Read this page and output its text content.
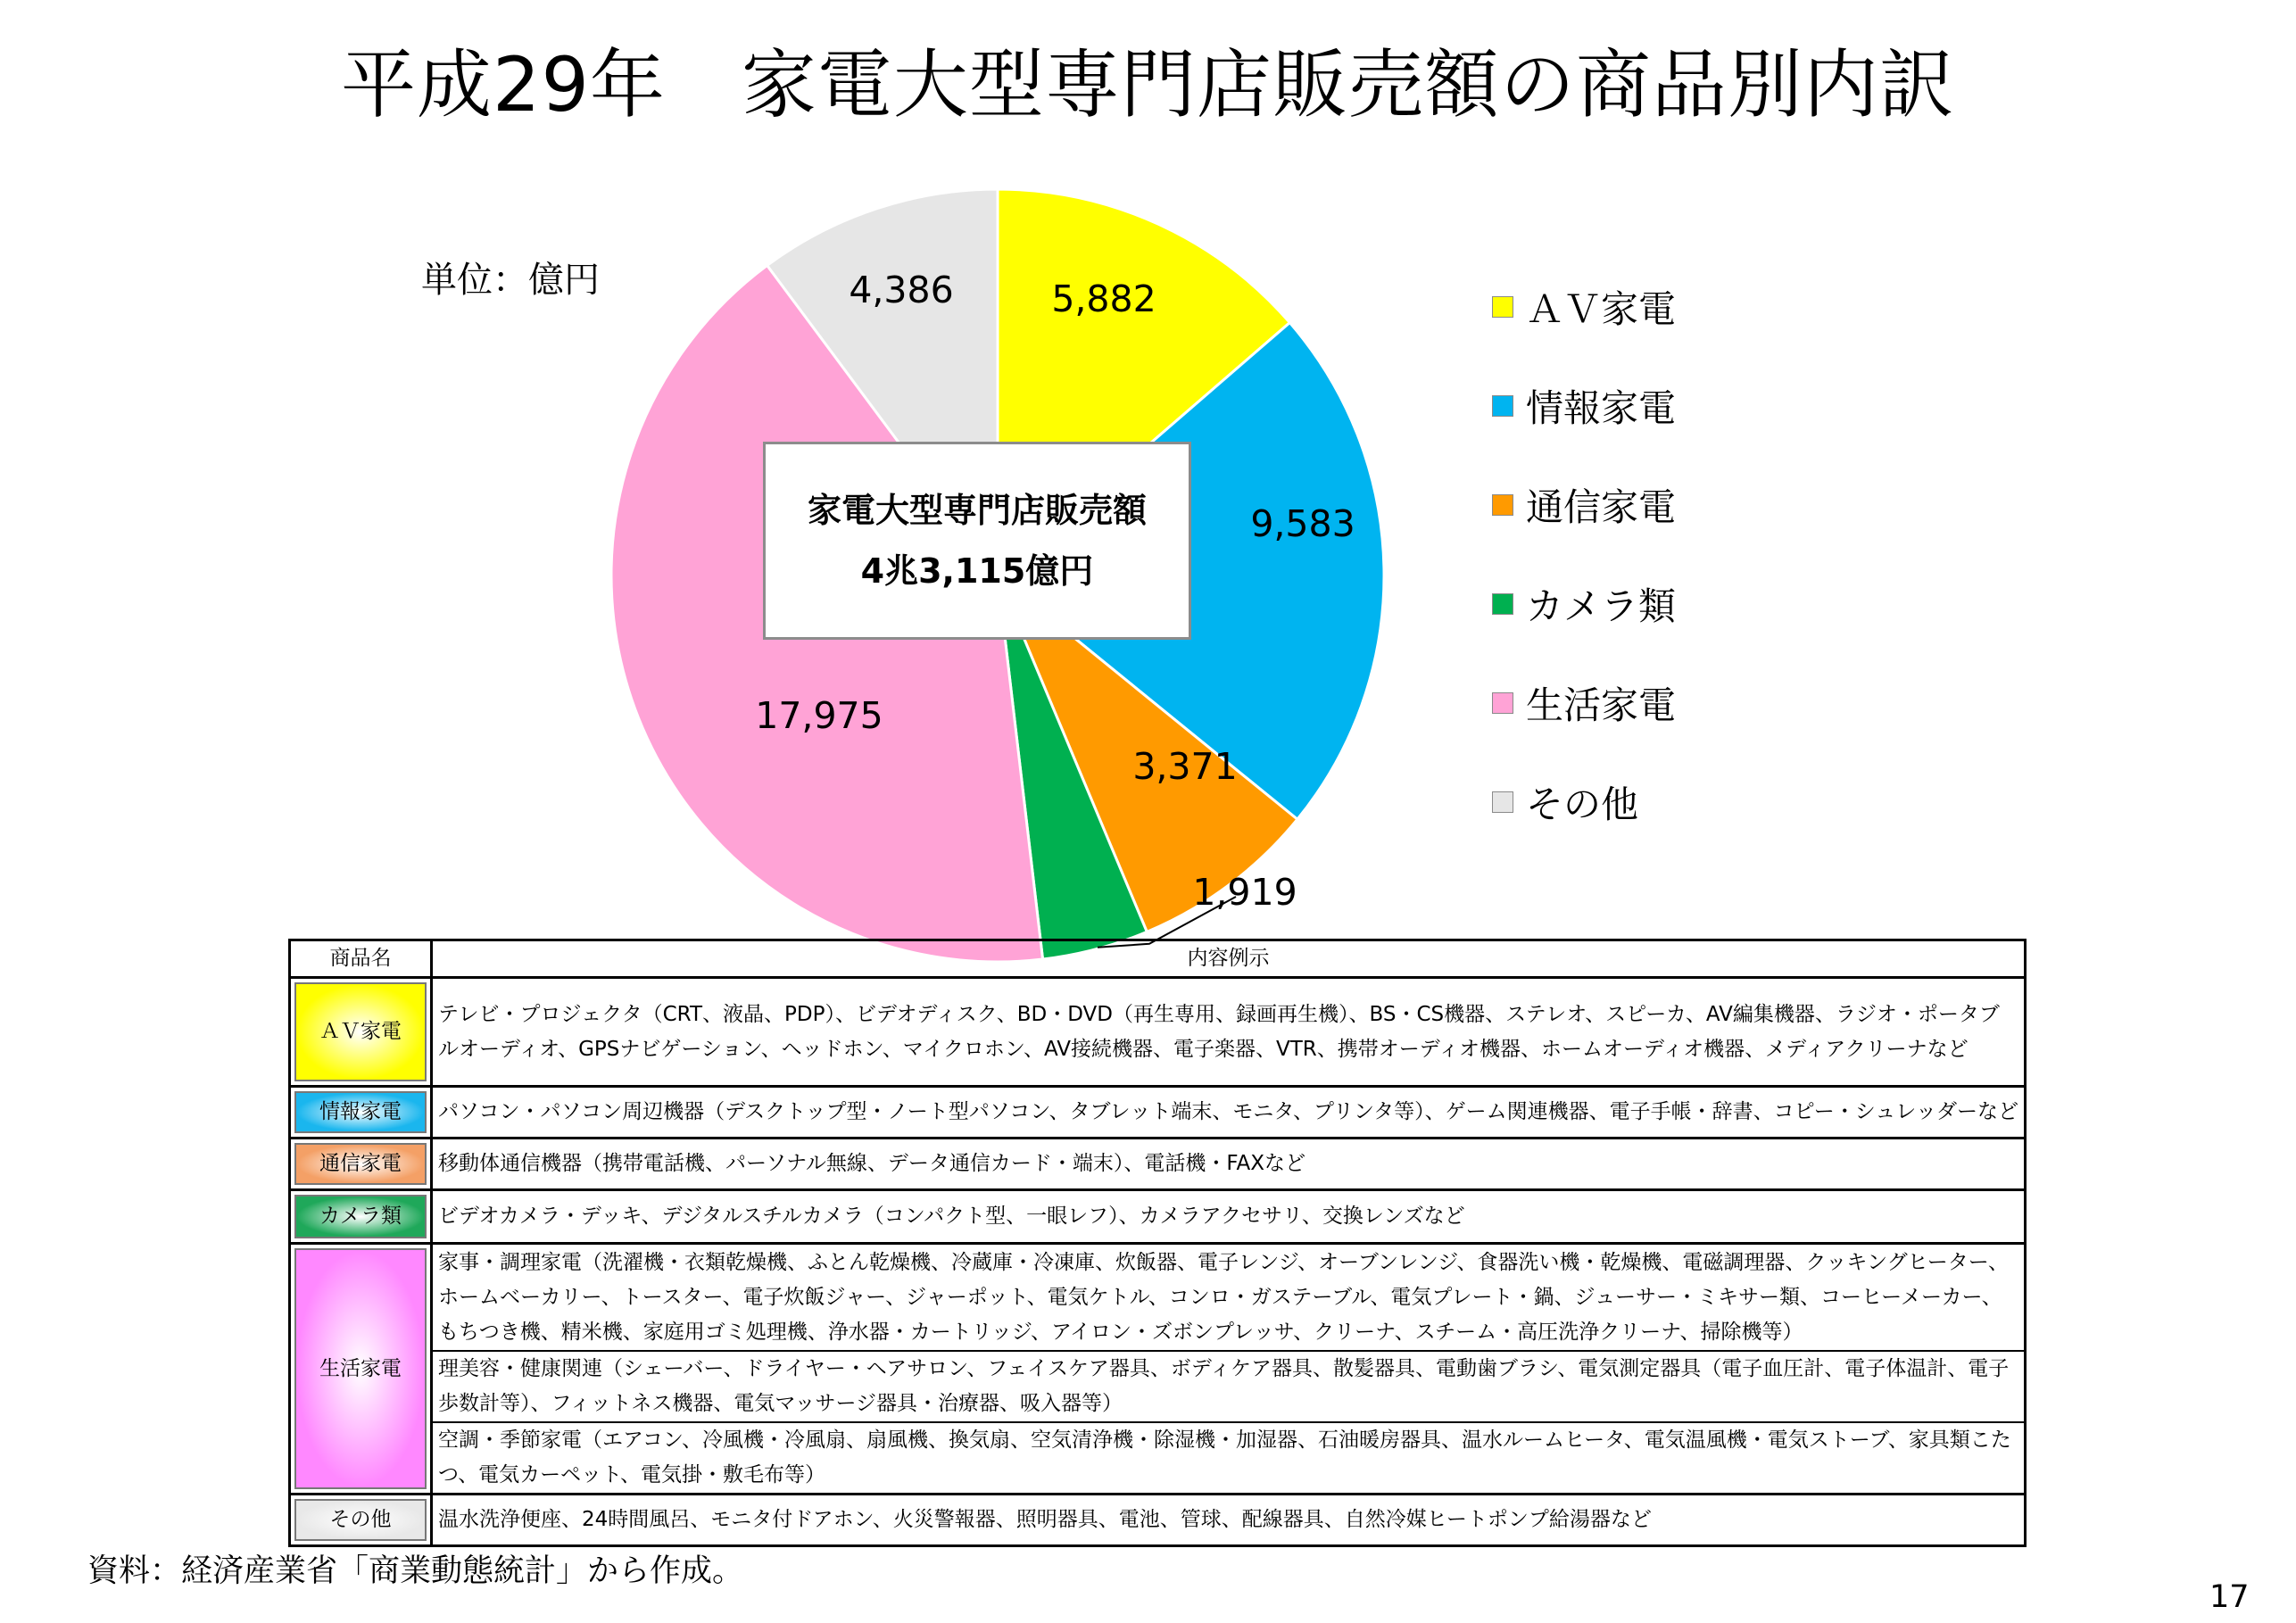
平成29年　家電大型専門店販売額の商品別内訳
単位：億円	5,882
9,583
3,371
1,919
17,975
4,386
家電大型専門店販売額
4兆3,115億円
ＡＶ家電
情報家電
通信家電
カメラ類
生活家電
その他
商品名	内容例示

ＡＶ家電	テレビ・プロジェクタ（CRT、液晶、PDP）、ビデオディスク、BD・DVD（再生専用、録画再生機）、BS・CS機器、ステレオ、スピーカ、AV編集機器、ラジオ・ポータブルオーディオ、GPSナビゲーション、ヘッドホン、マイクロホン、AV接続機器、電子楽器、VTR、携帯オーディオ機器、ホームオーディオ機器、メディアクリーナなど

情報家電	パソコン・パソコン周辺機器（デスクトップ型・ノート型パソコン、タブレット端末、モニタ、プリンタ等）、ゲーム関連機器、電子手帳・辞書、コピー・シュレッダーなど

通信家電	移動体通信機器（携帯電話機、パーソナル無線、データ通信カード・端末）、電話機・FAXなど

カメラ類	ビデオカメラ・デッキ、デジタルスチルカメラ（コンパクト型、一眼レフ）、カメラアクセサリ、交換レンズなど

生活家電	家事・調理家電（洗濯機・衣類乾燥機、ふとん乾燥機、冷蔵庫・冷凍庫、炊飯器、電子レンジ、オーブンレンジ、食器洗い機・乾燥機、電磁調理器、クッキングヒーター、ホームベーカリー、トースター、電子炊飯ジャー、ジャーポット、電気ケトル、コンロ・ガステーブル、電気プレート・鍋、ジューサー・ミキサー類、コーヒーメーカー、もちつき機、精米機、家庭用ゴミ処理機、浄水器・カートリッジ、アイロン・ズボンプレッサ、クリーナ、スチーム・高圧洗浄クリーナ、掃除機等）
理美容・健康関連（シェーバー、ドライヤー・ヘアサロン、フェイスケア器具、ボディケア器具、散髪器具、電動歯ブラシ、電気測定器具（電子血圧計、電子体温計、電子歩数計等）、フィットネス機器、電気マッサージ器具・治療器、吸入器等）
空調・季節家電（エアコン、冷風機・冷風扇、扇風機、換気扇、空気清浄機・除湿機・加湿器、石油暖房器具、温水ルームヒータ、電気温風機・電気ストーブ、家具類こたつ、電気カーペット、電気掛・敷毛布等）

その他	温水洗浄便座、24時間風呂、モニタ付ドアホン、火災警報器、照明器具、電池、管球、配線器具、自然冷媒ヒートポンプ給湯器など
資料：経済産業省「商業動態統計」から作成。
17
